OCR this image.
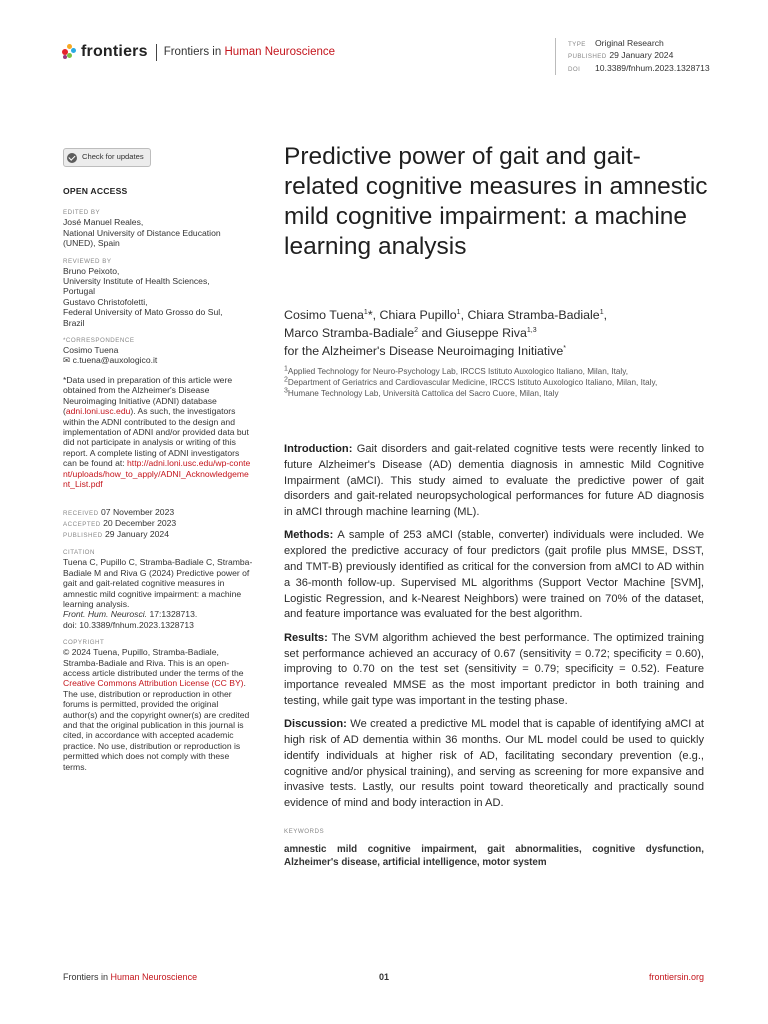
frontiers Frontiers in Human Neuroscience
TYPE Original Research
PUBLISHED 29 January 2024
DOI 10.3389/fnhum.2023.1328713
Check for updates
OPEN ACCESS
EDITED BY
José Manuel Reales,
National University of Distance Education
(UNED), Spain
REVIEWED BY
Bruno Peixoto,
University Institute of Health Sciences,
Portugal
Gustavo Christofoletti,
Federal University of Mato Grosso do Sul,
Brazil
*CORRESPONDENCE
Cosimo Tuena
✉ c.tuena@auxologico.it
*Data used in preparation of this article were obtained from the Alzheimer's Disease Neuroimaging Initiative (ADNI) database (adni.loni.usc.edu). As such, the investigators within the ADNI contributed to the design and implementation of ADNI and/or provided data but did not participate in analysis or writing of this report. A complete listing of ADNI investigators can be found at: http://adni.loni.usc.edu/wp-content/uploads/how_to_apply/ADNI_Acknowledgement_List.pdf
RECEIVED 07 November 2023
ACCEPTED 20 December 2023
PUBLISHED 29 January 2024
CITATION
Tuena C, Pupillo C, Stramba-Badiale C, Stramba-Badiale M and Riva G (2024) Predictive power of gait and gait-related cognitive measures in amnestic mild cognitive impairment: a machine learning analysis.
Front. Hum. Neurosci. 17:1328713.
doi: 10.3389/fnhum.2023.1328713
COPYRIGHT
© 2024 Tuena, Pupillo, Stramba-Badiale, Stramba-Badiale and Riva. This is an open-access article distributed under the terms of the Creative Commons Attribution License (CC BY). The use, distribution or reproduction in other forums is permitted, provided the original author(s) and the copyright owner(s) are credited and that the original publication in this journal is cited, in accordance with accepted academic practice. No use, distribution or reproduction is permitted which does not comply with these terms.
Predictive power of gait and gait-related cognitive measures in amnestic mild cognitive impairment: a machine learning analysis
Cosimo Tuena$^1$*, Chiara Pupillo$^1$, Chiara Stramba-Badiale$^1$,
Marco Stramba-Badiale$^2$ and Giuseppe Riva$^{1,3}$
for the Alzheimer's Disease Neuroimaging Initiative*
$^1$Applied Technology for Neuro-Psychology Lab, IRCCS Istituto Auxologico Italiano, Milan, Italy,
$^2$Department of Geriatrics and Cardiovascular Medicine, IRCCS Istituto Auxologico Italiano, Milan, Italy,
$^3$Humane Technology Lab, Università Cattolica del Sacro Cuore, Milan, Italy

Introduction: Gait disorders and gait-related cognitive tests were recently linked to future Alzheimer's Disease (AD) dementia diagnosis in amnestic Mild Cognitive Impairment (aMCI). This study aimed to evaluate the predictive power of gait disorders and gait-related neuropsychological performances for future AD diagnosis in aMCI through machine learning (ML).

Methods: A sample of 253 aMCI (stable, converter) individuals were included. We explored the predictive accuracy of four predictors (gait profile plus MMSE, DSST, and TMT-B) previously identified as critical for the conversion from aMCI to AD within a 36-month follow-up. Supervised ML algorithms (Support Vector Machine [SVM], Logistic Regression, and k-Nearest Neighbors) were trained on 70% of the dataset, and feature importance was evaluated for the best algorithm.

Results: The SVM algorithm achieved the best performance. The optimized training set performance achieved an accuracy of 0.67 (sensitivity = 0.72; specificity = 0.60), improving to 0.70 on the test set (sensitivity = 0.79; specificity = 0.52). Feature importance revealed MMSE as the most important predictor in both training and testing, while gait type was important in the testing phase.

Discussion: We created a predictive ML model that is capable of identifying aMCI at high risk of AD dementia within 36 months. Our ML model could be used to quickly identify individuals at higher risk of AD, facilitating secondary prevention (e.g., cognitive and/or physical training), and serving as screening for more expansive and invasive tests. Lastly, our results point toward theoretically and practically sound evidence of mind and body interaction in AD.

KEYWORDS
amnestic mild cognitive impairment, gait abnormalities, cognitive dysfunction, Alzheimer's disease, artificial intelligence, motor system
Frontiers in Human Neuroscience	01	frontiersin.org
